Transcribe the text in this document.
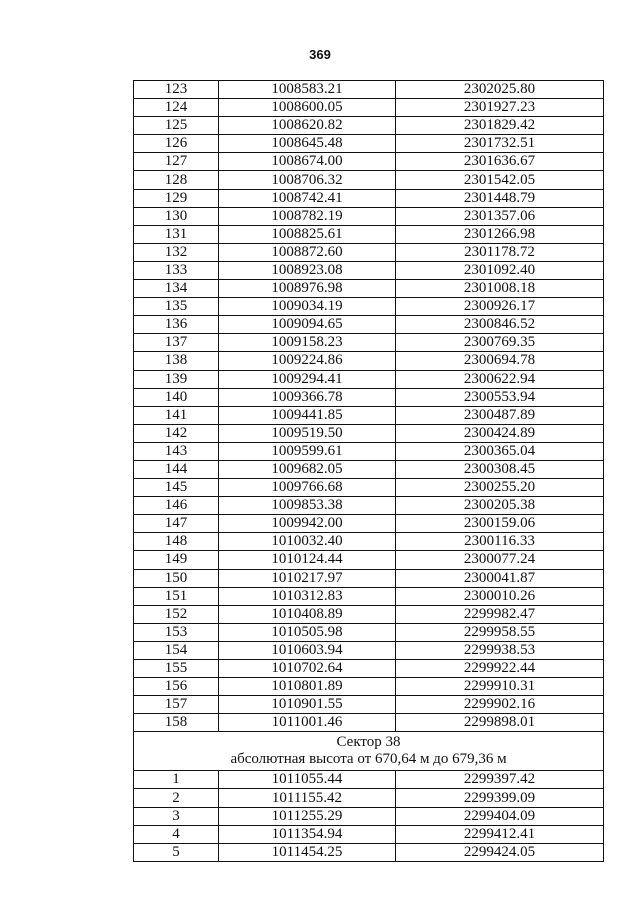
369
123	1008583.21	2302025.80
124	1008600.05	2301927.23
125	1008620.82	2301829.42
126	1008645.48	2301732.51
127	1008674.00	2301636.67
128	1008706.32	2301542.05
129	1008742.41	2301448.79
130	1008782.19	2301357.06
131	1008825.61	2301266.98
132	1008872.60	2301178.72
133	1008923.08	2301092.40
134	1008976.98	2301008.18
135	1009034.19	2300926.17
136	1009094.65	2300846.52
137	1009158.23	2300769.35
138	1009224.86	2300694.78
139	1009294.41	2300622.94
140	1009366.78	2300553.94
141	1009441.85	2300487.89
142	1009519.50	2300424.89
143	1009599.61	2300365.04
144	1009682.05	2300308.45
145	1009766.68	2300255.20
146	1009853.38	2300205.38
147	1009942.00	2300159.06
148	1010032.40	2300116.33
149	1010124.44	2300077.24
150	1010217.97	2300041.87
151	1010312.83	2300010.26
152	1010408.89	2299982.47
153	1010505.98	2299958.55
154	1010603.94	2299938.53
155	1010702.64	2299922.44
156	1010801.89	2299910.31
157	1010901.55	2299902.16
158	1011001.46	2299898.01

Сектор 38
абсолютная высота от 670,64 м до 679,36 м		

1	1011055.44	2299397.42
2	1011155.42	2299399.09
3	1011255.29	2299404.09
4	1011354.94	2299412.41
5	1011454.25	2299424.05
